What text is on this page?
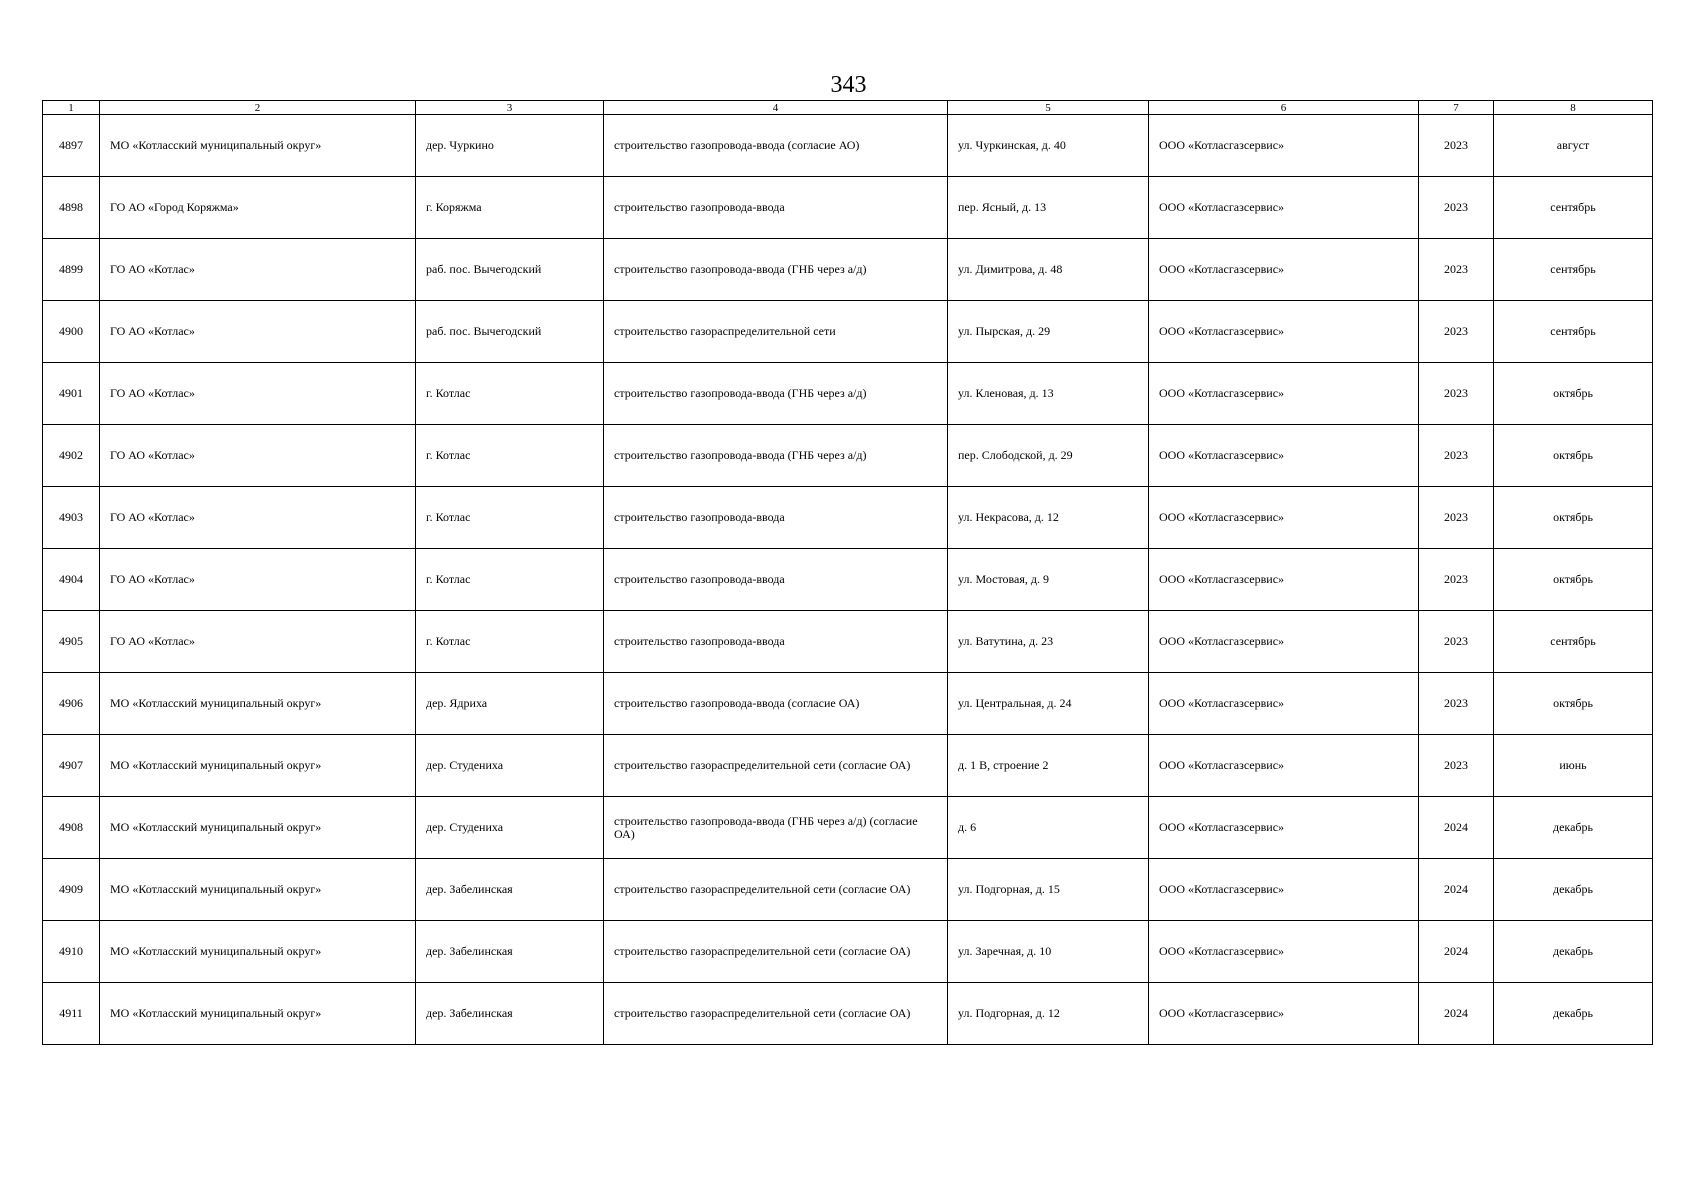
343
1	2	3	4	5	6	7	8
4897	МО «Котласский муниципальный округ»	дер. Чуркино	строительство газопровода-ввода (согласие АО)	ул. Чуркинская, д. 40	ООО «Котласгазсервис»	2023	август
4898	ГО АО «Город Коряжма»	г. Коряжма	строительство газопровода-ввода	пер. Ясный, д. 13	ООО «Котласгазсервис»	2023	сентябрь
4899	ГО АО «Котлас»	раб. пос. Вычегодский	строительство газопровода-ввода (ГНБ через а/д)	ул. Димитрова, д. 48	ООО «Котласгазсервис»	2023	сентябрь
4900	ГО АО «Котлас»	раб. пос. Вычегодский	строительство газораспределительной сети	ул. Пырская, д. 29	ООО «Котласгазсервис»	2023	сентябрь
4901	ГО АО «Котлас»	г. Котлас	строительство газопровода-ввода (ГНБ через а/д)	ул. Кленовая, д. 13	ООО «Котласгазсервис»	2023	октябрь
4902	ГО АО «Котлас»	г. Котлас	строительство газопровода-ввода (ГНБ через а/д)	пер. Слободской, д. 29	ООО «Котласгазсервис»	2023	октябрь
4903	ГО АО «Котлас»	г. Котлас	строительство газопровода-ввода	ул. Некрасова, д. 12	ООО «Котласгазсервис»	2023	октябрь
4904	ГО АО «Котлас»	г. Котлас	строительство газопровода-ввода	ул. Мостовая, д. 9	ООО «Котласгазсервис»	2023	октябрь
4905	ГО АО «Котлас»	г. Котлас	строительство газопровода-ввода	ул. Ватутина, д. 23	ООО «Котласгазсервис»	2023	сентябрь
4906	МО «Котласский муниципальный округ»	дер. Ядриха	строительство газопровода-ввода (согласие ОА)	ул. Центральная, д. 24	ООО «Котласгазсервис»	2023	октябрь
4907	МО «Котласский муниципальный округ»	дер. Студениха	строительство газораспределительной сети (согласие ОА)	д. 1 В, строение 2	ООО «Котласгазсервис»	2023	июнь
4908	МО «Котласский муниципальный округ»	дер. Студениха	строительство газопровода-ввода (ГНБ через а/д) (согласие ОА)	д. 6	ООО «Котласгазсервис»	2024	декабрь
4909	МО «Котласский муниципальный округ»	дер. Забелинская	строительство газораспределительной сети (согласие ОА)	ул. Подгорная, д. 15	ООО «Котласгазсервис»	2024	декабрь
4910	МО «Котласский муниципальный округ»	дер. Забелинская	строительство газораспределительной сети (согласие ОА)	ул. Заречная, д. 10	ООО «Котласгазсервис»	2024	декабрь
4911	МО «Котласский муниципальный округ»	дер. Забелинская	строительство газораспределительной сети (согласие ОА)	ул. Подгорная, д. 12	ООО «Котласгазсервис»	2024	декабрь
